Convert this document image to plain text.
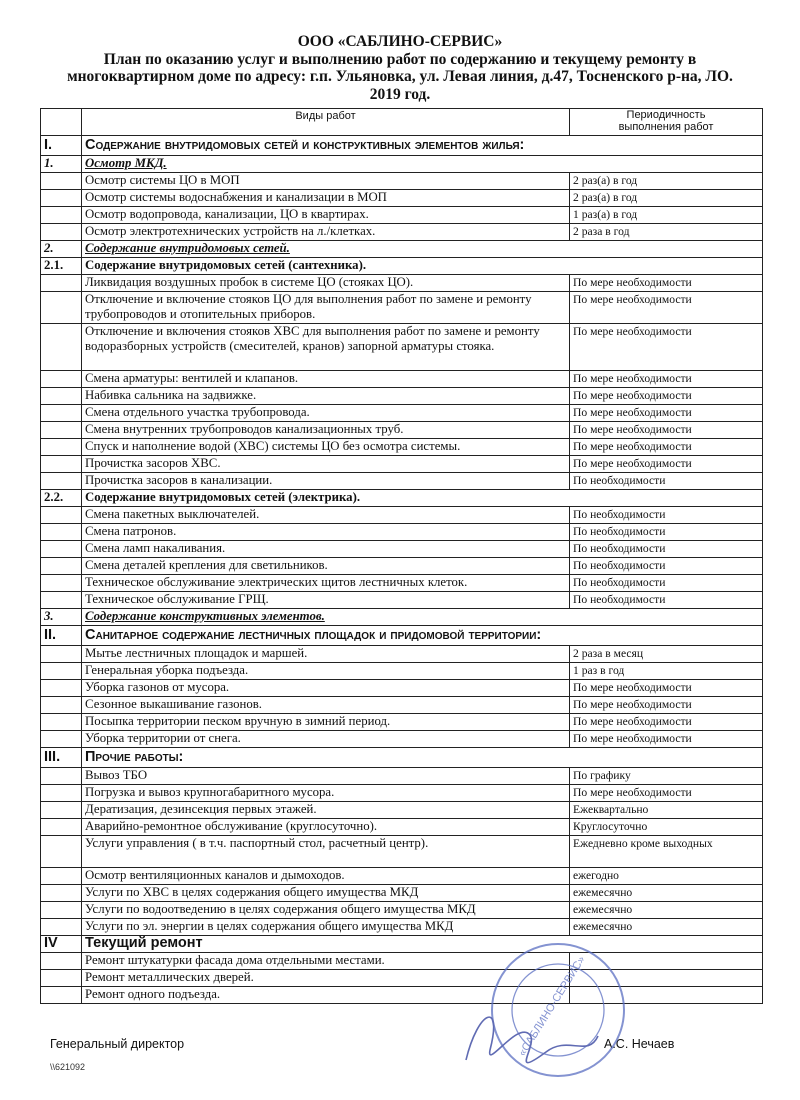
ООО «САБЛИНО-СЕРВИС»
План по оказанию услуг и выполнению работ по содержанию и текущему ремонту в
многоквартирном доме по адресу: г.п. Ульяновка, ул. Левая линия, д.47, Тосненского р-на, ЛО.
2019 год.
	Виды работ	Периодичность
выполнения работ
I.	Содержание внутридомовых сетей и конструктивных элементов жилья:	
1.	Осмотр МКД.	
	Осмотр системы ЦО в МОП	2 раз(а) в год
	Осмотр системы водоснабжения и канализации в МОП	2 раз(а) в год
	Осмотр водопровода, канализации, ЦО в квартирах.	1 раз(а) в год
	Осмотр электротехнических устройств на л./клетках.	2 раза в год
2.	Содержание внутридомовых сетей.	
2.1.	Содержание внутридомовых сетей (сантехника).	
	Ликвидация воздушных пробок в системе ЦО (стояках ЦО).	По мере необходимости
	Отключение и включение стояков ЦО для выполнения работ по замене и ремонту трубопроводов и отопительных приборов.	По мере необходимости
	Отключение и включения стояков ХВС для выполнения работ по замене и ремонту водоразборных устройств (смесителей, кранов) запорной арматуры стояка.	По мере необходимости
	Смена арматуры: вентилей и клапанов.	По мере необходимости
	Набивка сальника на задвижке.	По мере необходимости
	Смена отдельного участка трубопровода.	По мере необходимости
	Смена внутренних трубопроводов канализационных труб.	По мере необходимости
	Спуск и наполнение водой (ХВС) системы ЦО без осмотра системы.	По мере необходимости
	Прочистка засоров ХВС.	По мере необходимости
	Прочистка засоров в канализации.	По необходимости
2.2.	Содержание внутридомовых сетей (электрика).	
	Смена пакетных выключателей.	По необходимости
	Смена патронов.	По необходимости
	Смена ламп накаливания.	По необходимости
	Смена деталей крепления для светильников.	По необходимости
	Техническое обслуживание электрических щитов лестничных клеток.	По необходимости
	Техническое обслуживание ГРЩ.	По необходимости
3.	Содержание конструктивных элементов.	
II.	Санитарное содержание лестничных площадок и придомовой территории:	
	Мытье лестничных площадок и маршей.	2 раза в месяц
	Генеральная уборка подъезда.	1 раз в год
	Уборка газонов от мусора.	По мере необходимости
	Сезонное выкашивание газонов.	По мере необходимости
	Посыпка территории песком вручную в зимний период.	По мере необходимости
	Уборка территории от снега.	По мере необходимости
III.	Прочие работы:	
	Вывоз ТБО	По графику
	Погрузка и вывоз крупногабаритного мусора.	По мере необходимости
	Дератизация, дезинсекция первых этажей.	Ежеквартально
	Аварийно-ремонтное обслуживание (круглосуточно).	Круглосуточно
	Услуги управления ( в т.ч. паспортный стол, расчетный центр).	Ежедневно кроме выходных
	Осмотр вентиляционных каналов и дымоходов.	ежегодно
	Услуги по ХВС в целях содержания общего имущества МКД	ежемесячно
	Услуги по водоотведению в целях содержания общего имущества МКД	ежемесячно
	Услуги по эл. энергии в целях содержания общего имущества МКД	ежемесячно
IV	Текущий ремонт	
	Ремонт штукатурки фасада дома отдельными местами.	
	Ремонт металлических дверей.	
	Ремонт одного подъезда.	
Генеральный директор	А.С. Нечаев
\\621092
«САБЛИНО-СЕРВИС»
